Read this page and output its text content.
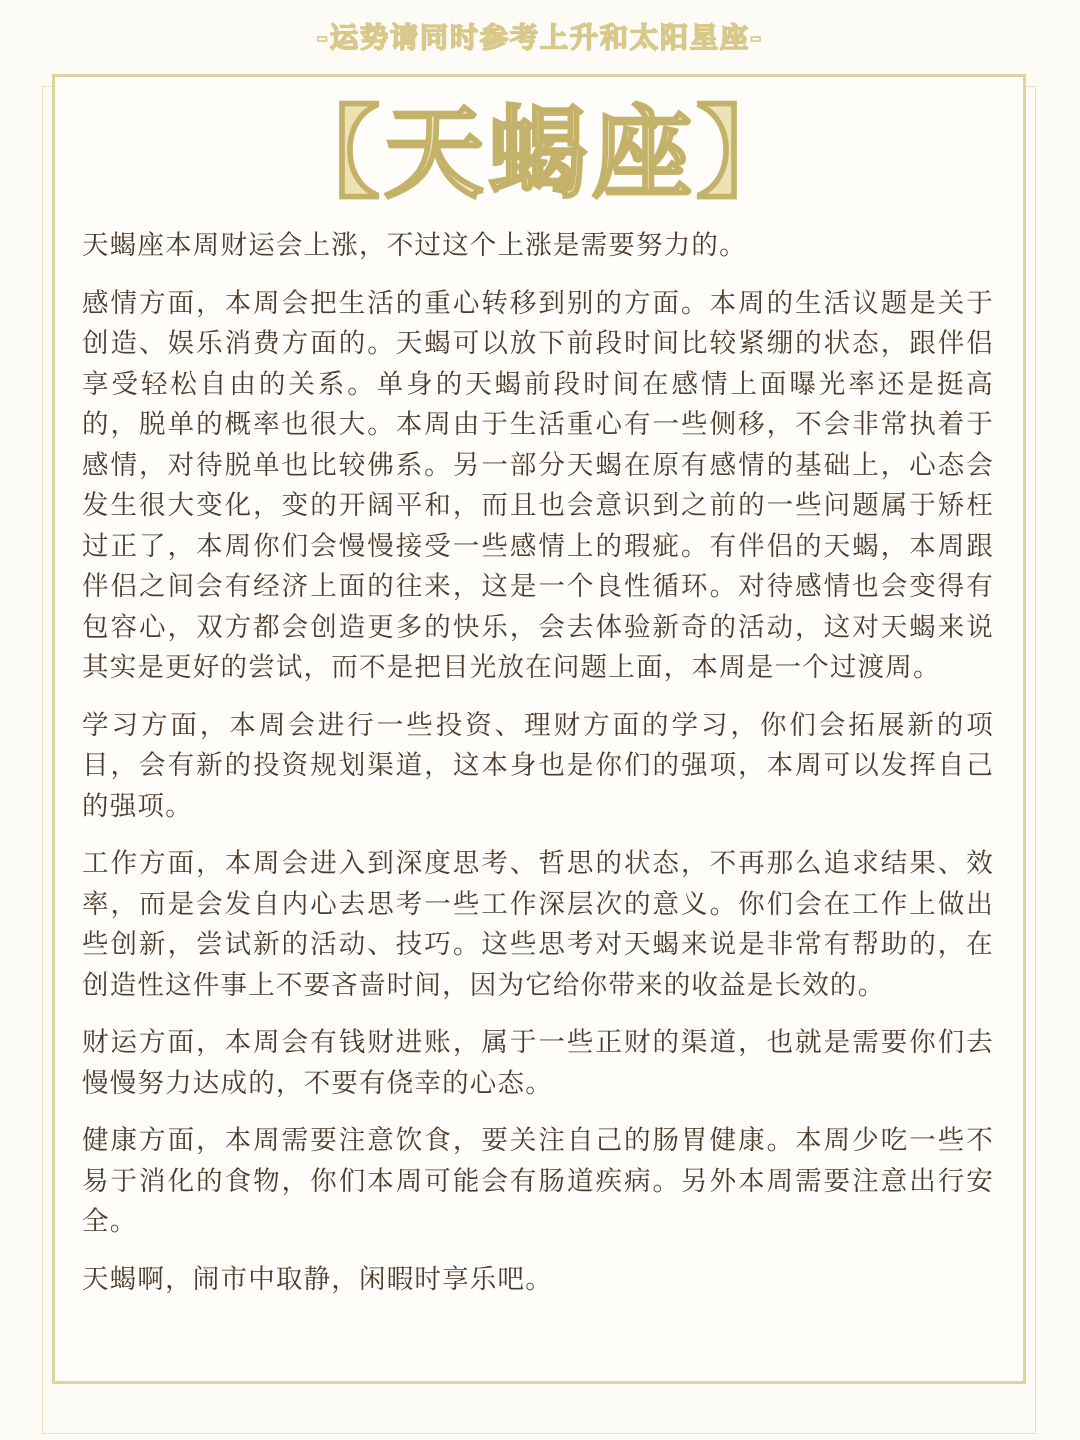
-运势请同时参考上升和太阳星座-
【天蝎座】

天蝎座本周财运会上涨，不过这个上涨是需要努力的。

感情方面，本周会把生活的重心转移到别的方面。本周的生活议题是关于创造、娱乐消费方面的。天蝎可以放下前段时间比较紧绷的状态，跟伴侣享受轻松自由的关系。单身的天蝎前段时间在感情上面曝光率还是挺高的，脱单的概率也很大。本周由于生活重心有一些侧移，不会非常执着于感情，对待脱单也比较佛系。另一部分天蝎在原有感情的基础上，心态会发生很大变化，变的开阔平和，而且也会意识到之前的一些问题属于矫枉过正了，本周你们会慢慢接受一些感情上的瑕疵。有伴侣的天蝎，本周跟伴侣之间会有经济上面的往来，这是一个良性循环。对待感情也会变得有包容心，双方都会创造更多的快乐，会去体验新奇的活动，这对天蝎来说其实是更好的尝试，而不是把目光放在问题上面，本周是一个过渡周。

学习方面，本周会进行一些投资、理财方面的学习，你们会拓展新的项目，会有新的投资规划渠道，这本身也是你们的强项，本周可以发挥自己的强项。

工作方面，本周会进入到深度思考、哲思的状态，不再那么追求结果、效率，而是会发自内心去思考一些工作深层次的意义。你们会在工作上做出些创新，尝试新的活动、技巧。这些思考对天蝎来说是非常有帮助的，在创造性这件事上不要吝啬时间，因为它给你带来的收益是长效的。

财运方面，本周会有钱财进账，属于一些正财的渠道，也就是需要你们去慢慢努力达成的，不要有侥幸的心态。

健康方面，本周需要注意饮食，要关注自己的肠胃健康。本周少吃一些不易于消化的食物，你们本周可能会有肠道疾病。另外本周需要注意出行安全。

天蝎啊，闹市中取静，闲暇时享乐吧。
